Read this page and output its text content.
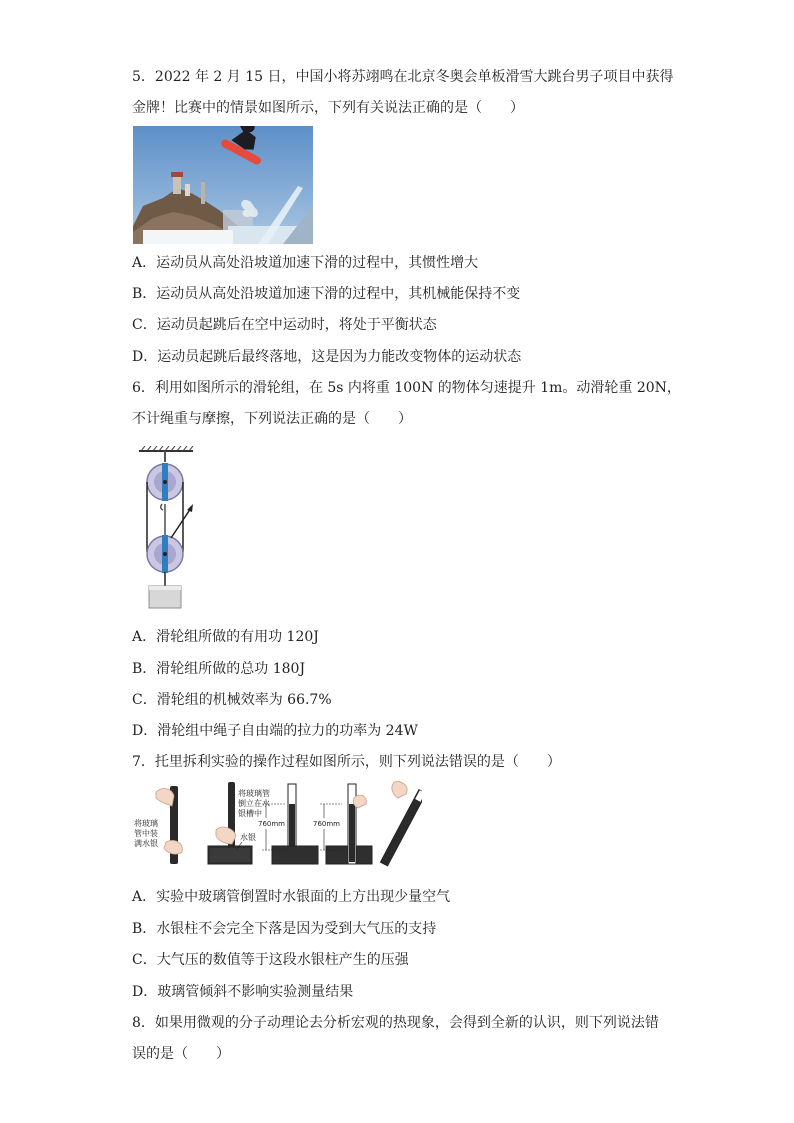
5．2022 年 2 月 15 日，中国小将苏翊鸣在北京冬奥会单板滑雪大跳台男子项目中获得
金牌！比赛中的情景如图所示，下列有关说法正确的是（　　）
A．运动员从高处沿坡道加速下滑的过程中，其惯性增大
B．运动员从高处沿坡道加速下滑的过程中，其机械能保持不变
C．运动员起跳后在空中运动时，将处于平衡状态
D．运动员起跳后最终落地，这是因为力能改变物体的运动状态
6．利用如图所示的滑轮组，在 5s 内将重 100N 的物体匀速提升 1m。动滑轮重 20N，
不计绳重与摩擦，下列说法正确的是（　　）
A．滑轮组所做的有用功 120J
B．滑轮组所做的总功 180J
C．滑轮组的机械效率为 66.7%
D．滑轮组中绳子自由端的拉力的功率为 24W
7．托里拆利实验的操作过程如图所示，则下列说法错误的是（　　）
将玻璃
管中装
满水银
将玻璃管
倒立在水
银槽中
水银
760mm	760mm
A．实验中玻璃管倒置时水银面的上方出现少量空气
B．水银柱不会完全下落是因为受到大气压的支持
C．大气压的数值等于这段水银柱产生的压强
D．玻璃管倾斜不影响实验测量结果
8．如果用微观的分子动理论去分析宏观的热现象，会得到全新的认识，则下列说法错
误的是（　　）
